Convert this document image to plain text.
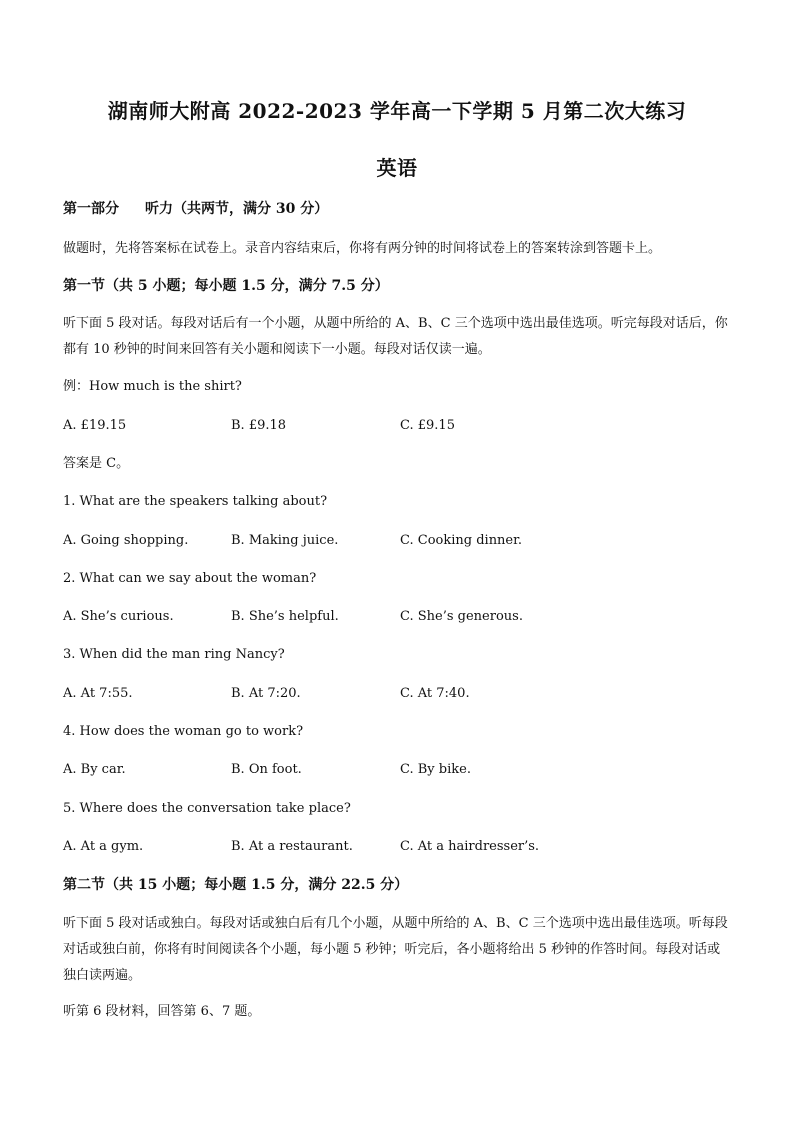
湖南师大附高 2022-2023 学年高一下学期 5 月第二次大练习
英语
第一部分 听力（共两节，满分 30 分）
做题时，先将答案标在试卷上。录音内容结束后，你将有两分钟的时间将试卷上的答案转涂到答题卡上。
第一节（共 5 小题；每小题 1.5 分，满分 7.5 分）
听下面 5 段对话。每段对话后有一个小题，从题中所给的 A、B、C 三个选项中选出最佳选项。听完每段对话后，你都有 10 秒钟的时间来回答有关小题和阅读下一小题。每段对话仅读一遍。
例：How much is the shirt?
A. £19.15	B. £9.18	C. £9.15
答案是 C。
1. What are the speakers talking about?
A. Going shopping.	B. Making juice.	C. Cooking dinner.
2. What can we say about the woman?
A. She’s curious.	B. She’s helpful.	C. She’s generous.
3. When did the man ring Nancy?
A. At 7:55.	B. At 7:20.	C. At 7:40.
4. How does the woman go to work?
A. By car.	B. On foot.	C. By bike.
5. Where does the conversation take place?
A. At a gym.	B. At a restaurant.	C. At a hairdresser’s.
第二节（共 15 小题；每小题 1.5 分，满分 22.5 分）
听下面 5 段对话或独白。每段对话或独白后有几个小题，从题中所给的 A、B、C 三个选项中选出最佳选项。听每段对话或独白前，你将有时间阅读各个小题，每小题 5 秒钟；听完后，各小题将给出 5 秒钟的作答时间。每段对话或独白读两遍。
听第 6 段材料，回答第 6、7 题。
